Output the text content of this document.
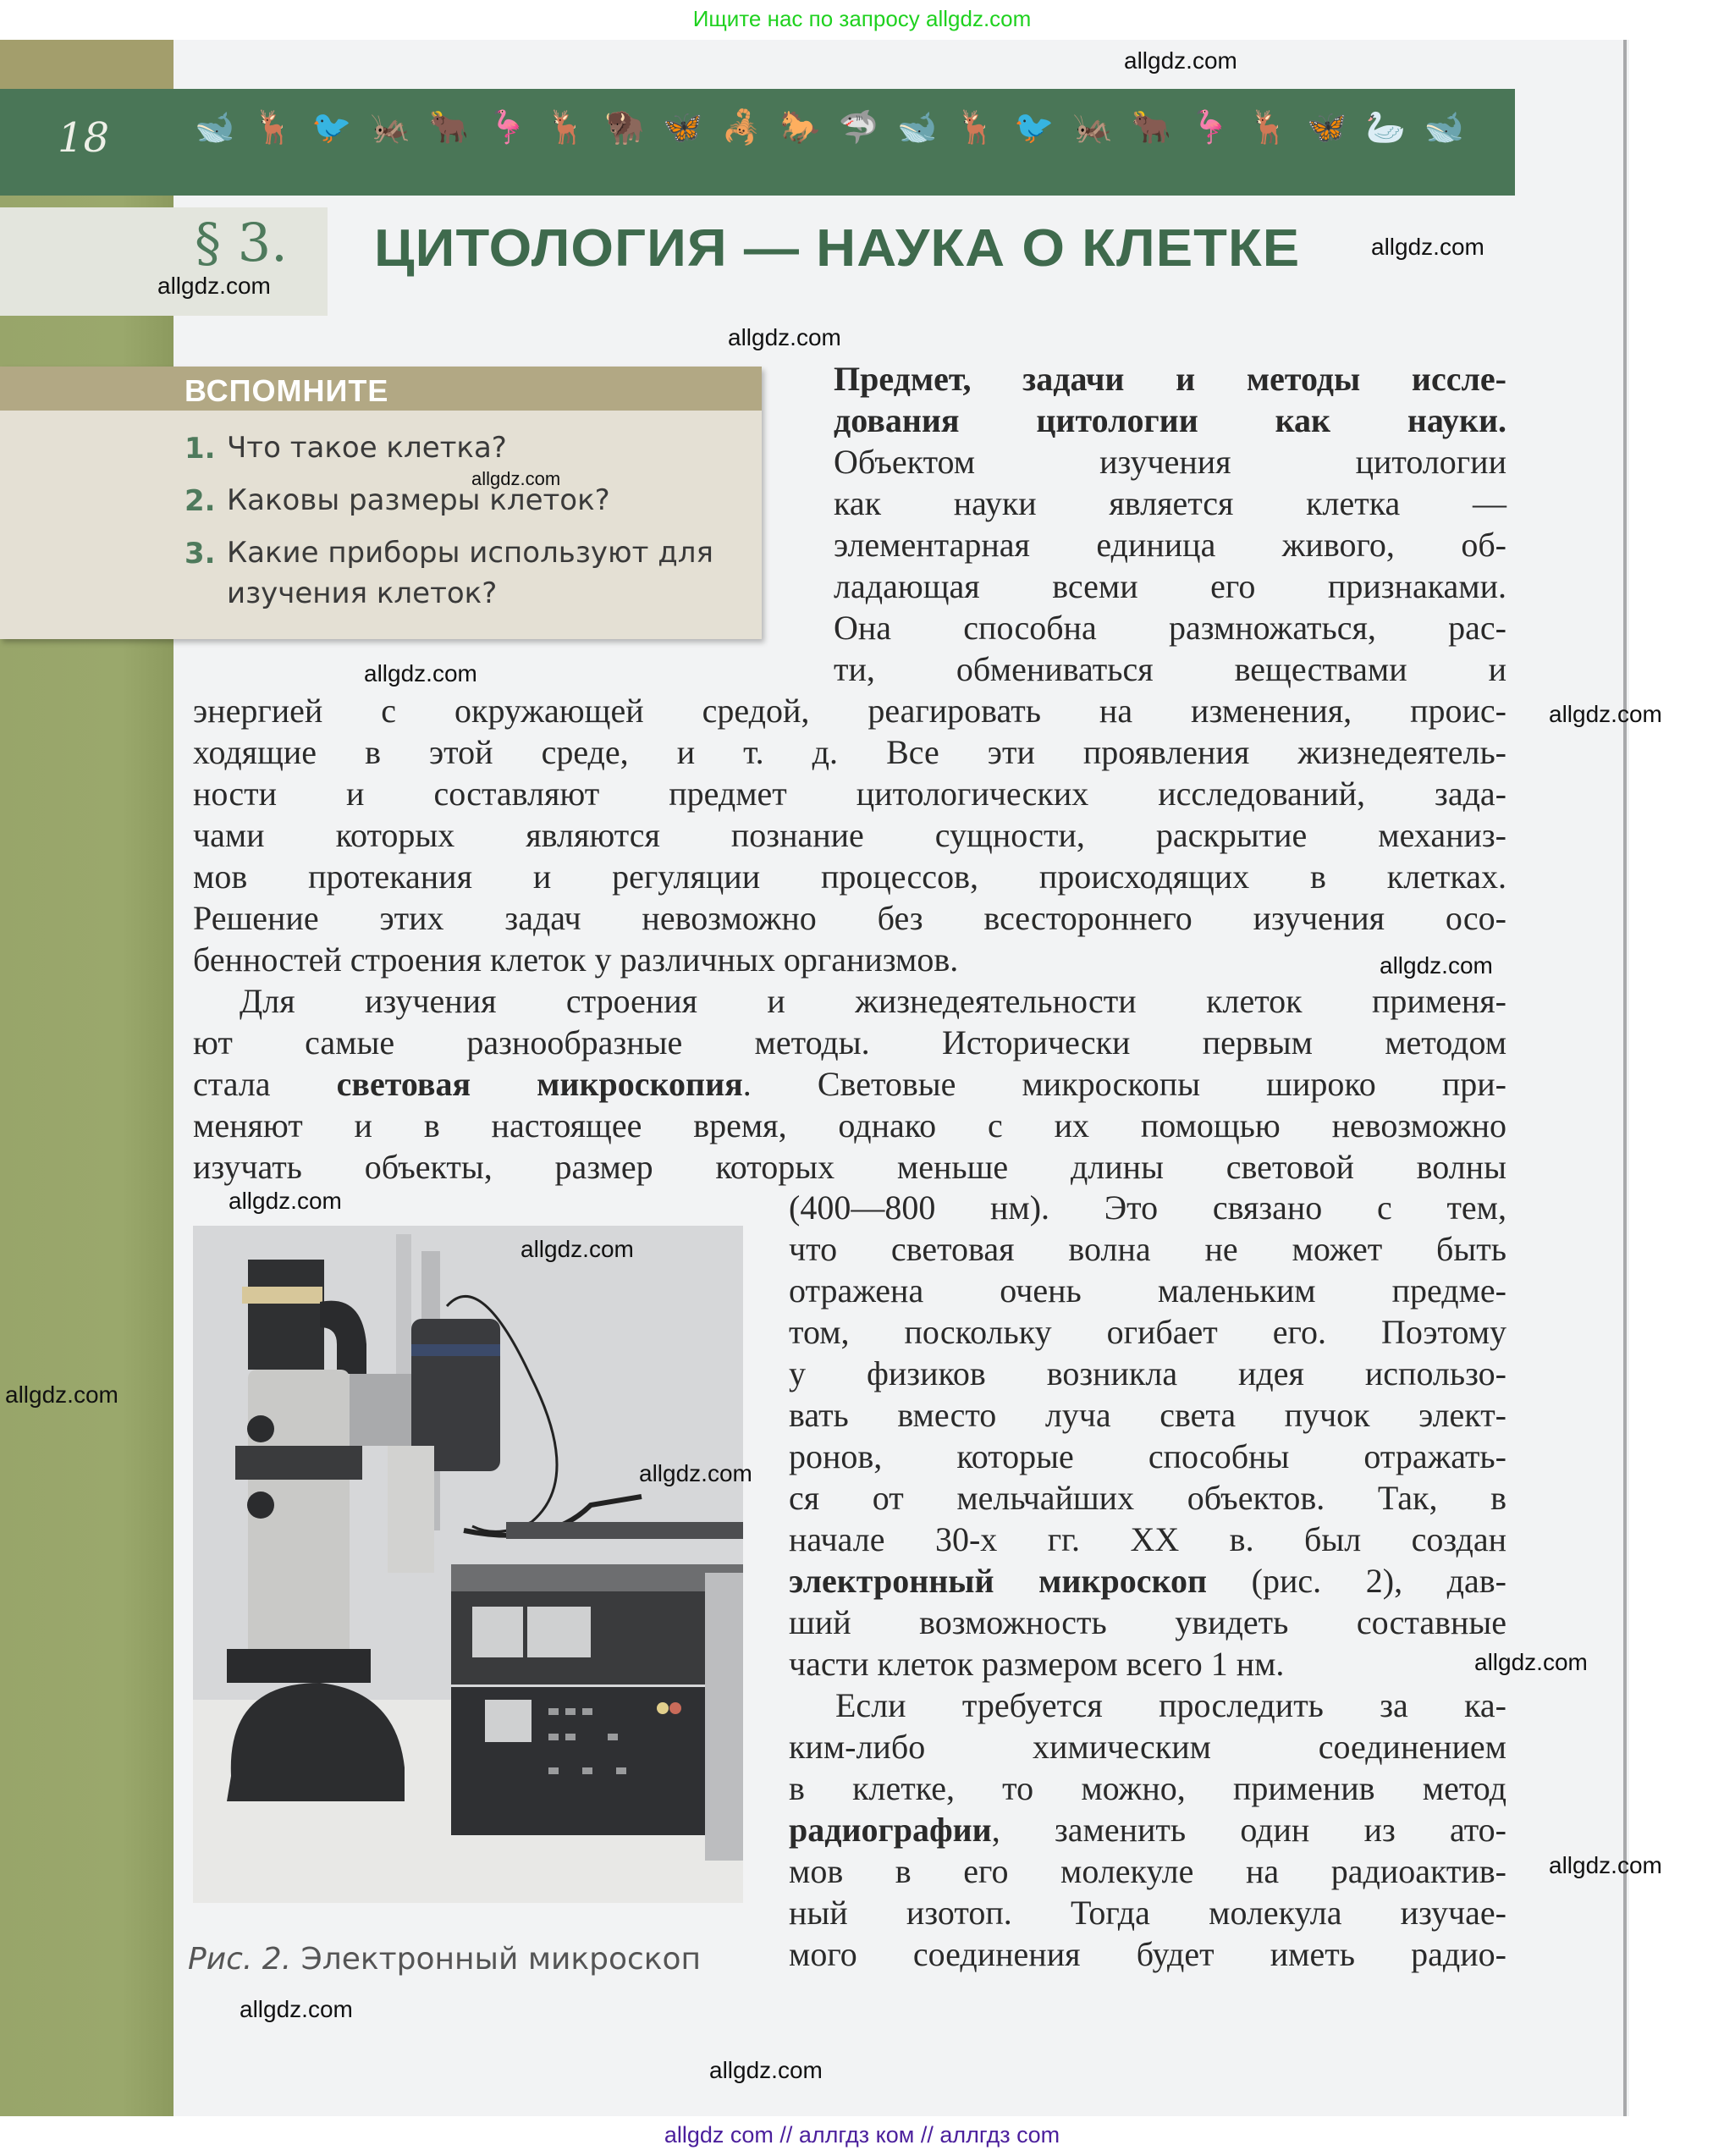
Ищите нас по запросу allgdz.com
18	🐋 🦌 🐦 🦗 🐂 🦩 🦌 🦬 🦋 🦂 🐎 🦈 🐋 🦌 🐦 🦗 🐂 🦩 🦌 🦋 🦢 🐋
§ 3. ЦИТОЛОГИЯ — НАУКА О КЛЕТКЕ
ВСПОМНИТЕ
1. Что такое клетка?
2. Каковы размеры клеток?
3. Какие приборы используют для изучения клеток?
Предмет, задачи и методы иссле-
дования цитологии как науки.
Объектом изучения цитологии
как науки является клетка —
элементарная единица живого, об-
ладающая всеми его признаками.
Она способна размножаться, рас-
ти, обмениваться веществами и
энергией с окружающей средой, реагировать на изменения, проис-
ходящие в этой среде, и т. д. Все эти проявления жизнедеятель-
ности и составляют предмет цитологических исследований, зада-
чами которых являются познание сущности, раскрытие механиз-
мов протекания и регуляции процессов, происходящих в клетках.
Решение этих задач невозможно без всестороннего изучения осо-
бенностей строения клеток у различных организмов.
Для изучения строения и жизнедеятельности клеток применя-
ют самые разнообразные методы. Исторически первым методом
стала световая микроскопия. Световые микроскопы широко при-
меняют и в настоящее время, однако с их помощью невозможно
изучать объекты, размер которых меньше длины световой волны
(400—800 нм). Это связано с тем,
что световая волна не может быть
отражена очень маленьким предме-
том, поскольку огибает его. Поэтому
у физиков возникла идея использо-
вать вместо луча света пучок элект-
ронов, которые способны отражать-
ся от мельчайших объектов. Так, в
начале 30-х гг. XX в. был создан
электронный микроскоп (рис. 2), дав-
ший возможность увидеть составные
части клеток размером всего 1 нм.
Если требуется проследить за ка-
ким-либо химическим соединением
в клетке, то можно, применив метод
радиографии, заменить один из ато-
мов в его молекуле на радиоактив-
ный изотоп. Тогда молекула изучае-
мого соединения будет иметь радио-
Рис. 2. Электронный микроскоп
allgdz.com
allgdz.com
allgdz.com
allgdz.com
allgdz.com
allgdz.com
allgdz.com
allgdz.com
allgdz.com
allgdz.com
allgdz.com
allgdz.com
allgdz.com
allgdz.com
allgdz.com
allgdz.com
allgdz com // аллгдз ком // аллгдз com
